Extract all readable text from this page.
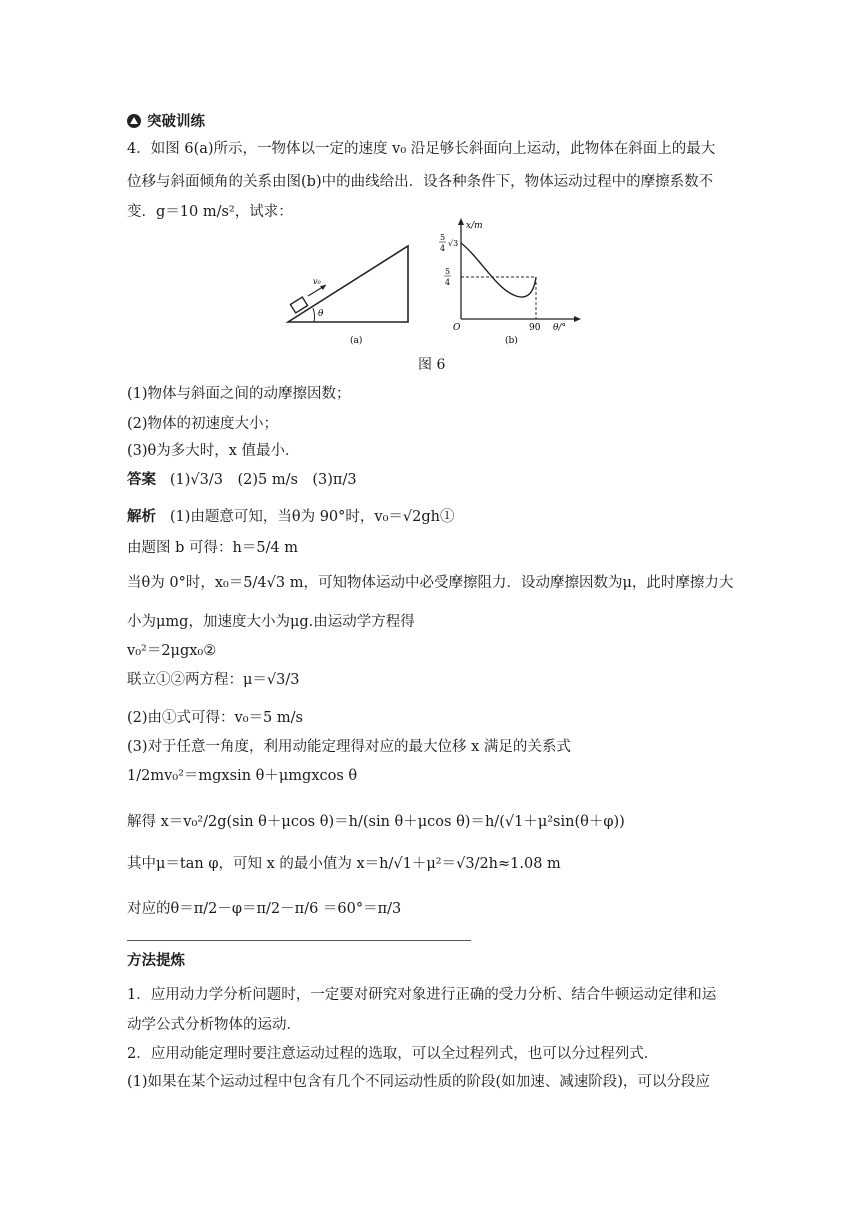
突破训练
4．如图 6(a)所示，一物体以一定的速度 v₀ 沿足够长斜面向上运动，此物体在斜面上的最大
位移与斜面倾角的关系由图(b)中的曲线给出．设各种条件下，物体运动过程中的摩擦系数不
变．g＝10 m/s²，试求：
v₀
θ
(a)
x/m
θ/°
O	90
5
4
√3
5
4
(b)
图 6
(1)物体与斜面之间的动摩擦因数；
(2)物体的初速度大小；
(3)θ为多大时，x 值最小．
答案 (1)√3/3　(2)5 m/s　(3)π/3
解析 (1)由题意可知，当θ为 90°时，v₀＝√2gh①
由题图 b 可得：h＝5/4 m
当θ为 0°时，x₀＝5/4√3 m，可知物体运动中必受摩擦阻力．设动摩擦因数为μ，此时摩擦力大
小为μmg，加速度大小为μg.由运动学方程得
v₀²＝2μgx₀②
联立①②两方程：μ＝√3/3
(2)由①式可得：v₀＝5 m/s
(3)对于任意一角度，利用动能定理得对应的最大位移 x 满足的关系式
1/2mv₀²＝mgxsin θ＋μmgxcos θ
解得 x＝v₀²/2g(sin θ＋μcos θ)＝h/(sin θ＋μcos θ)＝h/(√1＋μ²sin(θ＋φ))
其中μ＝tan φ，可知 x 的最小值为 x＝h/√1＋μ²＝√3/2h≈1.08 m
对应的θ＝π/2－φ＝π/2－π/6 ＝60°＝π/3
方法提炼
1．应用动力学分析问题时，一定要对研究对象进行正确的受力分析、结合牛顿运动定律和运
动学公式分析物体的运动．
2．应用动能定理时要注意运动过程的选取，可以全过程列式，也可以分过程列式．
(1)如果在某个运动过程中包含有几个不同运动性质的阶段(如加速、减速阶段)，可以分段应
